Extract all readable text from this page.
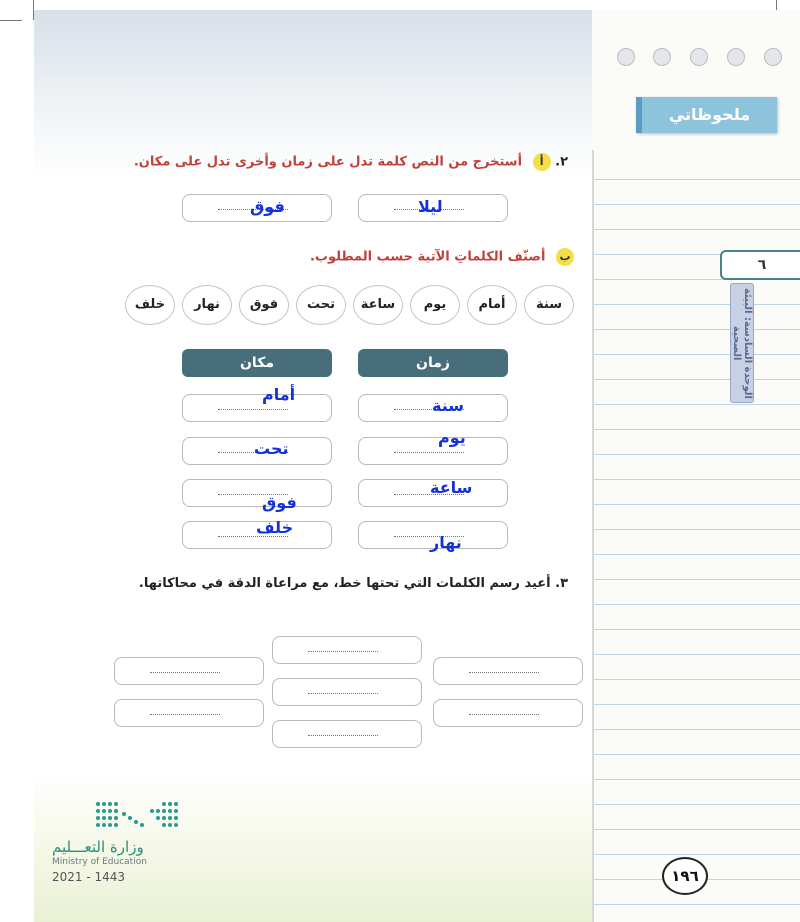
ملحوظاتي
٦
الوحدة السادسة: البيئة الصحية
١٩٦
٢. أ أستخرج من النص كلمة تدل على زمان وأخرى تدل على مكان.
ليلا
فوق
ب أصنّف الكلماتِ الآتية حسب المطلوب.
سنة
أمام
يوم
ساعة
تحت
فوق
نهار
خلف
زمان
مكان
سنة
يوم
ساعة
نهار
أمام
تحت
فوق
خلف
٣. أعيد رسم الكلمات التي تحتها خط، مع مراعاة الدقة في محاكاتها.
وزارة التعـــليم
Ministry of Education
2021 - 1443
